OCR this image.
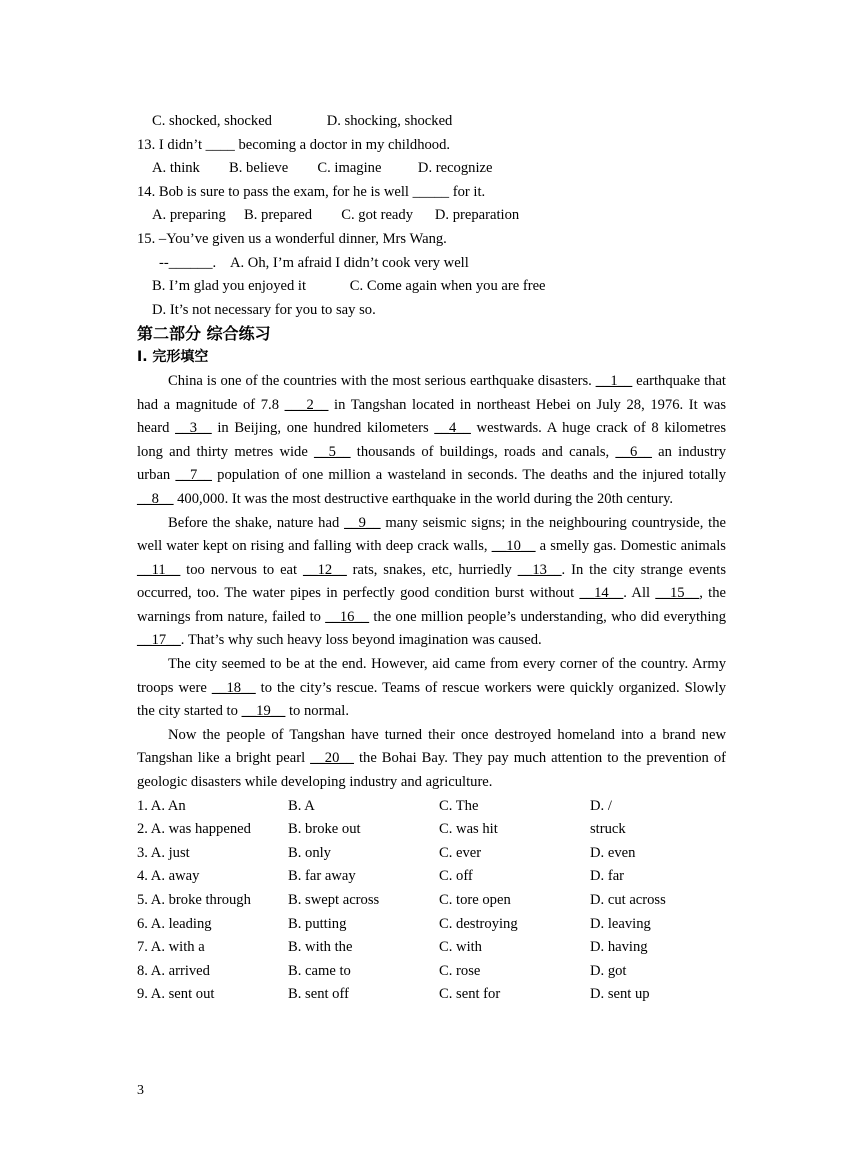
C. shocked, shocked               D. shocking, shocked
13. I didn’t ____ becoming a doctor in my childhood.
A. think        B. believe        C. imagine          D. recognize
14. Bob is sure to pass the exam, for he is well _____ for it.
A. preparing     B. prepared        C. got ready      D. preparation
15. –You’ve given us a wonderful dinner, Mrs Wang.
--______.    A. Oh, I’m afraid I didn’t cook very well
B. I’m glad you enjoyed it            C. Come again when you are free
D. It’s not necessary for you to say so.
第二部分 综合练习
I. 完形填空

China is one of the countries with the most serious earthquake disasters. __1__ earthquake that had a magnitude of 7.8 ___2__ in Tangshan located in northeast Hebei on July 28, 1976. It was heard __3__ in Beijing, one hundred kilometers __4__ westwards. A huge crack of 8 kilometres long and thirty metres wide __5__ thousands of buildings, roads and canals, __6__ an industry urban __7__ population of one million a wasteland in seconds. The deaths and the injured totally __8__ 400,000. It was the most destructive earthquake in the world during the 20th century.

Before the shake, nature had __9__ many seismic signs; in the neighbouring countryside, the well water kept on rising and falling with deep crack walls, __10__ a smelly gas. Domestic animals __11__ too nervous to eat __12__ rats, snakes, etc, hurriedly __13__. In the city strange events occurred, too. The water pipes in perfectly good condition burst without __14__. All __15__, the warnings from nature, failed to __16__ the one million people’s understanding, who did everything __17__. That’s why such heavy loss beyond imagination was caused.

The city seemed to be at the end. However, aid came from every corner of the country. Army troops were __18__ to the city’s rescue. Teams of rescue workers were quickly organized. Slowly the city started to __19__ to normal.

Now the people of Tangshan have turned their once destroyed homeland into a brand new Tangshan like a bright pearl __20__ the Bohai Bay. They pay much attention to the prevention of geologic disasters while developing industry and agriculture.

1. A. An	B. A	C. The	D. /
2. A. was happened	B. broke out	C. was hit	struck
3. A. just	B. only	C. ever	D. even
4. A. away	B. far away	C. off	D. far
5. A. broke through	B. swept across	C. tore open	D. cut across
6. A. leading	B. putting	C. destroying	D. leaving
7. A. with a	B. with the	C. with	D. having
8. A. arrived	B. came to	C. rose	D. got
9. A. sent out	B. sent off	C. sent for	D. sent up
3
